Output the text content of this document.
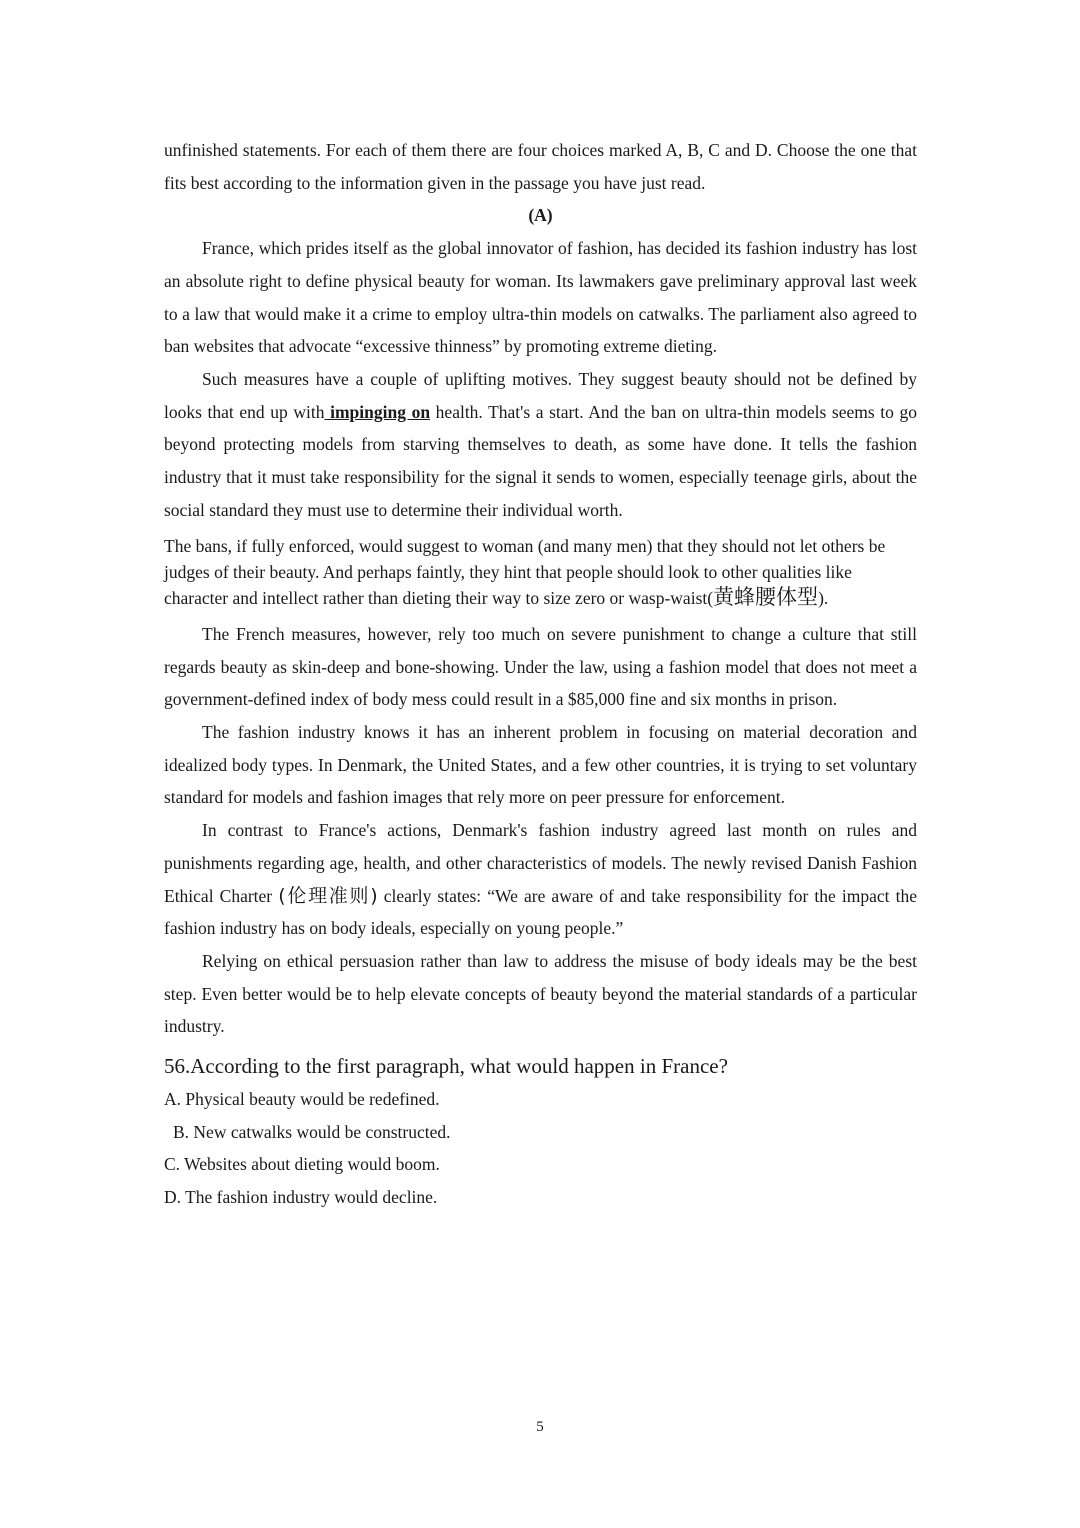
unfinished statements. For each of them there are four choices marked A, B, C and D. Choose the one that fits best according to the information given in the passage you have just read.

(A)

France, which prides itself as the global innovator of fashion, has decided its fashion industry has lost an absolute right to define physical beauty for woman. Its lawmakers gave preliminary approval last week to a law that would make it a crime to employ ultra-thin models on catwalks. The parliament also agreed to ban websites that advocate “excessive thinness” by promoting extreme dieting.

Such measures have a couple of uplifting motives. They suggest beauty should not be defined by looks that end up with impinging on health. That's a start. And the ban on ultra-thin models seems to go beyond protecting models from starving themselves to death, as some have done. It tells the fashion industry that it must take responsibility for the signal it sends to women, especially teenage girls, about the social standard they must use to determine their individual worth.

The bans, if fully enforced, would suggest to woman (and many men) that they should not let others be judges of their beauty. And perhaps faintly, they hint that people should look to other qualities like character and intellect rather than dieting their way to size zero or wasp-waist(黄蜂腰体型).

The French measures, however, rely too much on severe punishment to change a culture that still regards beauty as skin-deep and bone-showing. Under the law, using a fashion model that does not meet a government-defined index of body mess could result in a $85,000 fine and six months in prison.

The fashion industry knows it has an inherent problem in focusing on material decoration and idealized body types. In Denmark, the United States, and a few other countries, it is trying to set voluntary standard for models and fashion images that rely more on peer pressure for enforcement.

In contrast to France's actions, Denmark's fashion industry agreed last month on rules and punishments regarding age, health, and other characteristics of models. The newly revised Danish Fashion Ethical Charter (伦理准则) clearly states: “We are aware of and take responsibility for the impact the fashion industry has on body ideals, especially on young people.”

Relying on ethical persuasion rather than law to address the misuse of body ideals may be the best step. Even better would be to help elevate concepts of beauty beyond the material standards of a particular industry.

56.According to the first paragraph, what would happen in France?
A. Physical beauty would be redefined.
B. New catwalks would be constructed.
C. Websites about dieting would boom.
D. The fashion industry would decline.
5
